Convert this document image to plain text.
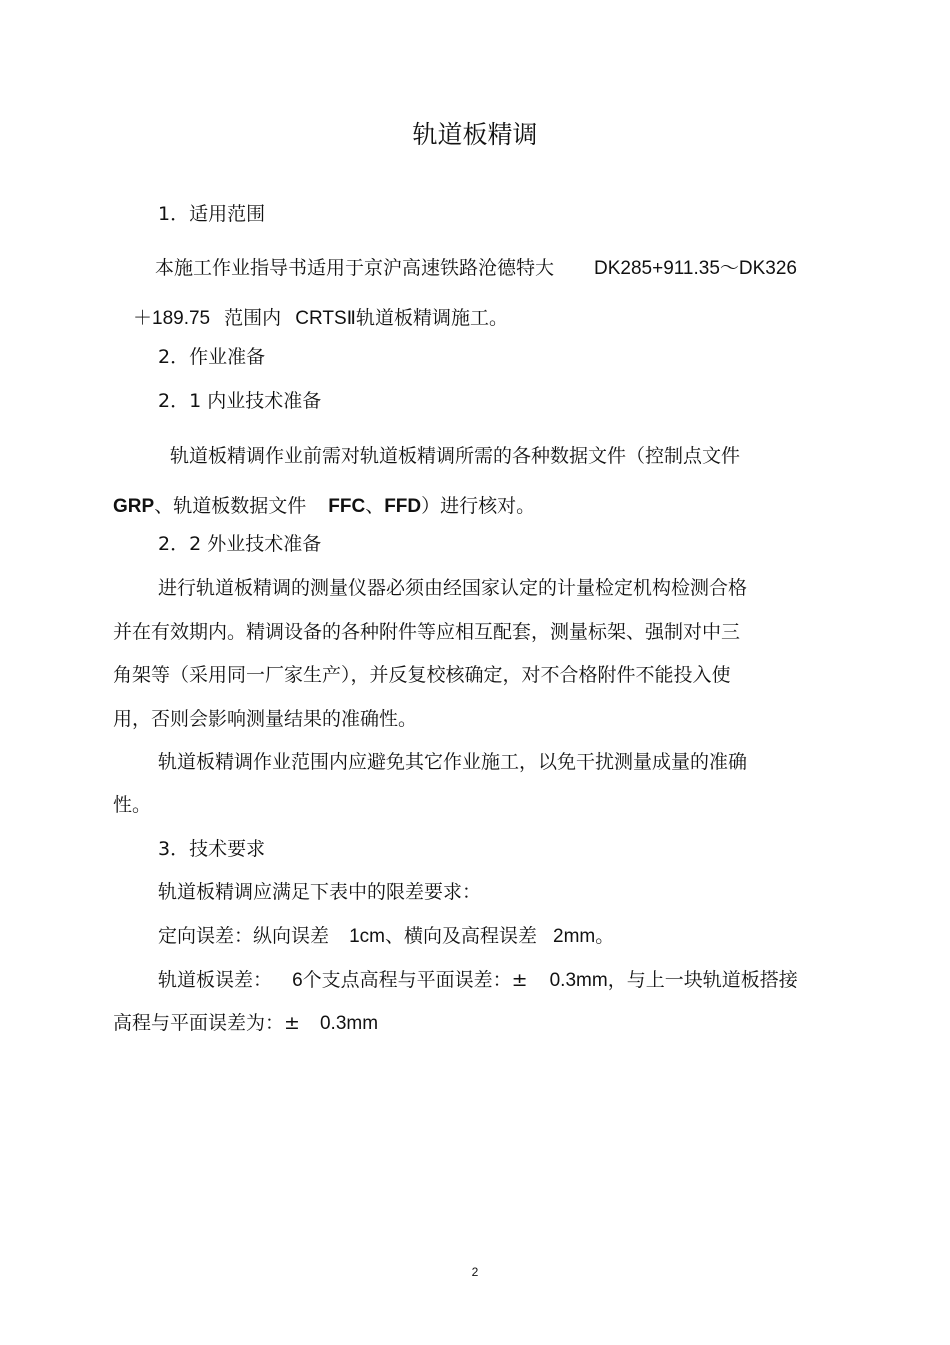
轨道板精调
1．适用范围
本施工作业指导书适用于京沪高速铁路沧德特大 DK285+911.35～DK326
＋189.75 范围内 CRTSⅡ轨道板精调施工。
2．作业准备
2．1 内业技术准备
轨道板精调作业前需对轨道板精调所需的各种数据文件（控制点文件
GRP、轨道板数据文件 FFC、FFD）进行核对。
2．2 外业技术准备
进行轨道板精调的测量仪器必须由经国家认定的计量检定机构检测合格
并在有效期内。精调设备的各种附件等应相互配套，测量标架、强制对中三
角架等（采用同一厂家生产），并反复校核确定，对不合格附件不能投入使
用，否则会影响测量结果的准确性。
轨道板精调作业范围内应避免其它作业施工，以免干扰测量成量的准确
性。
3．技术要求
轨道板精调应满足下表中的限差要求：
定向误差：纵向误差 1cm、横向及高程误差 2mm。
轨道板误差： 6个支点高程与平面误差：± 0.3mm，与上一块轨道板搭接
高程与平面误差为：± 0.3mm
2
